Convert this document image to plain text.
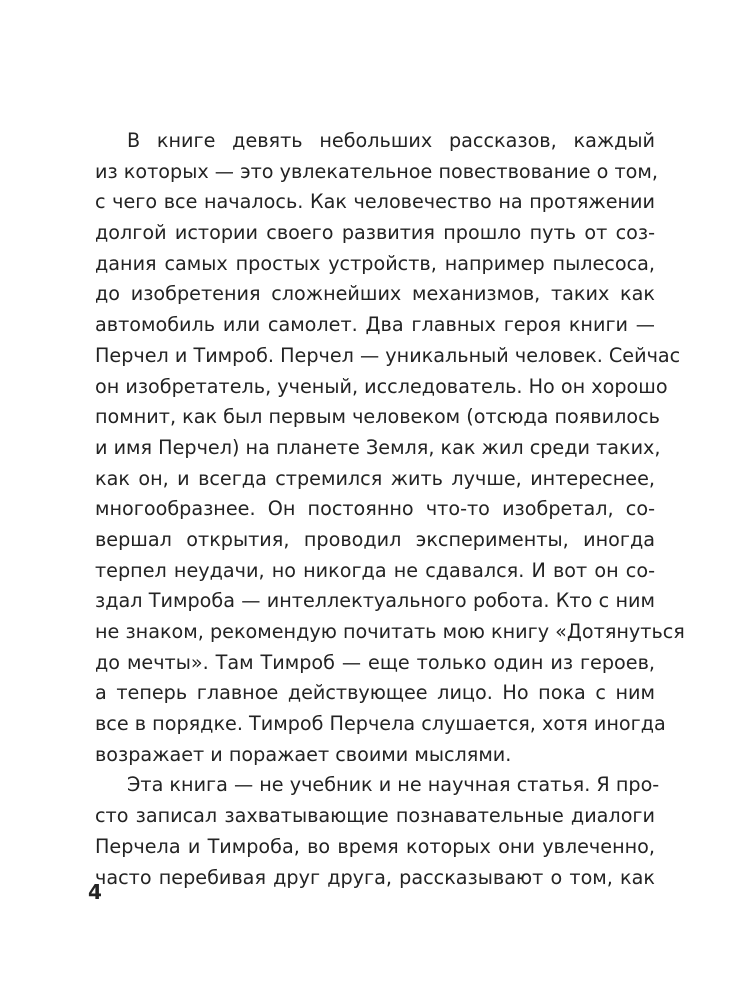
В книге девять небольших рассказов, каждый
из которых — это увлекательное повествование о том,
с чего все началось. Как человечество на протяжении
долгой истории своего развития прошло путь от соз-
дания самых простых устройств, например пылесоса,
до изобретения сложнейших механизмов, таких как
автомобиль или самолет. Два главных героя книги —
Перчел и Тимроб. Перчел — уникальный человек. Сейчас
он изобретатель, ученый, исследователь. Но он хорошо
помнит, как был первым человеком (отсюда появилось
и имя Перчел) на планете Земля, как жил среди таких,
как он, и всегда стремился жить лучше, интереснее,
многообразнее. Он постоянно что-то изобретал, со-
вершал открытия, проводил эксперименты, иногда
терпел неудачи, но никогда не сдавался. И вот он со-
здал Тимроба — интеллектуального робота. Кто с ним
не знаком, рекомендую почитать мою книгу «Дотянуться
до мечты». Там Тимроб — еще только один из героев,
а теперь главное действующее лицо. Но пока с ним
все в порядке. Тимроб Перчела слушается, хотя иногда
возражает и поражает своими мыслями.
Эта книга — не учебник и не научная статья. Я про-
сто записал захватывающие познавательные диалоги
Перчела и Тимроба, во время которых они увлеченно,
часто перебивая друг друга, рассказывают о том, как
4
